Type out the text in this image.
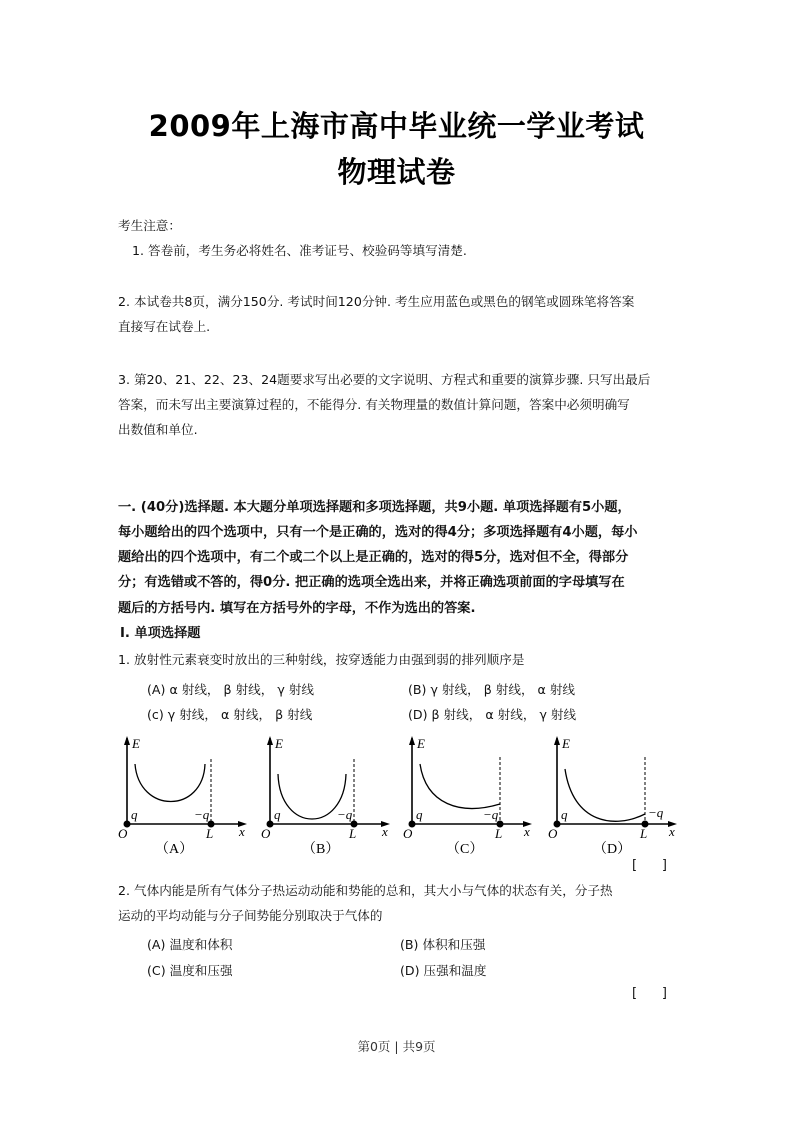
2009年上海市高中毕业统一学业考试
物理试卷
考生注意：
1. 答卷前，考生务必将姓名、准考证号、校验码等填写清楚.
2. 本试卷共8页，满分150分. 考试时间120分钟. 考生应用蓝色或黑色的钢笔或圆珠笔将答案
直接写在试卷上.
3. 第20、21、22、23、24题要求写出必要的文字说明、方程式和重要的演算步骤. 只写出最后
答案，而未写出主要演算过程的，不能得分. 有关物理量的数值计算问题，答案中必须明确写
出数值和单位.
一. (40分)选择题. 本大题分单项选择题和多项选择题，共9小题. 单项选择题有5小题，
每小题给出的四个选项中，只有一个是正确的，选对的得4分；多项选择题有4小题，每小
题给出的四个选项中，有二个或二个以上是正确的，选对的得5分，选对但不全，得部分
分；有选错或不答的，得0分. 把正确的选项全选出来，并将正确选项前面的字母填写在
题后的方括号内. 填写在方括号外的字母，不作为选出的答案.
Ⅰ. 单项选择题
1. 放射性元素衰变时放出的三种射线，按穿透能力由强到弱的排列顺序是
(A) α 射线， β 射线， γ 射线	(B) γ 射线， β 射线， α 射线
(c) γ 射线， α 射线， β 射线	(D) β 射线， α 射线， γ 射线
E
q	−q
O	L x
（A）
E
q	−q
O	L x
（B）
E
q	−q
O	L x
（C）
E
q	−q
O	L x
（D）
[      ]
2. 气体内能是所有气体分子热运动动能和势能的总和，其大小与气体的状态有关，分子热
运动的平均动能与分子间势能分别取决于气体的
(A) 温度和体积	(B) 体积和压强
(C) 温度和压强	(D) 压强和温度
[      ]
第0页 | 共9页
